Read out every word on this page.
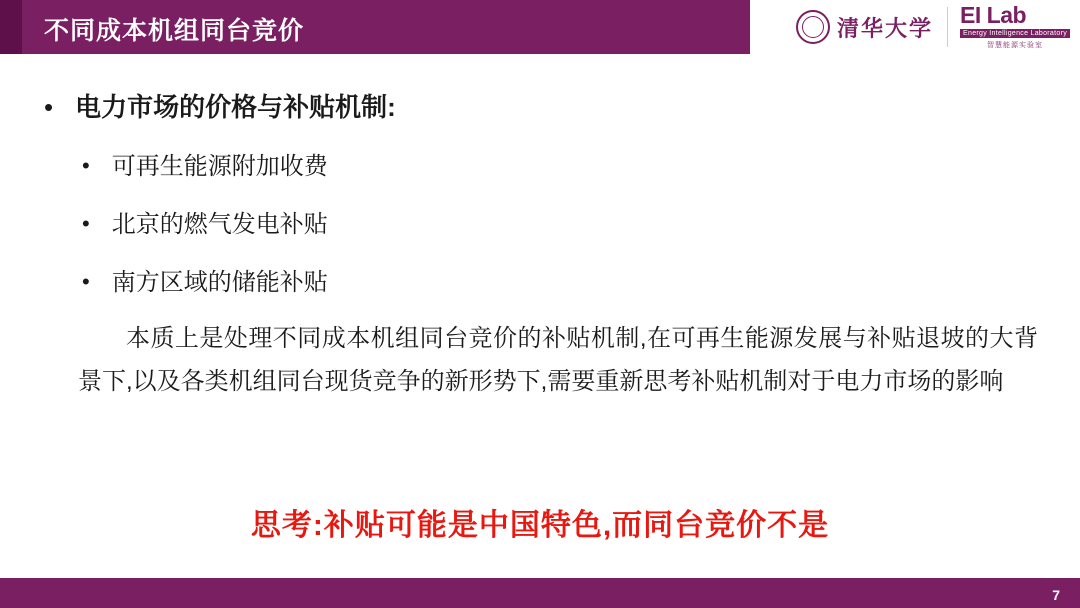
不同成本机组同台竞价	清华大学
EI Lab
Energy Intelligence Laboratory
智慧能源实验室
• 电力市场的价格与补贴机制:
• 可再生能源附加收费
• 北京的燃气发电补贴
• 南方区域的储能补贴
本质上是处理不同成本机组同台竞价的补贴机制,在可再生能源发展与补贴退坡的大背景下,以及各类机组同台现货竞争的新形势下,需要重新思考补贴机制对于电力市场的影响
思考:补贴可能是中国特色,而同台竞价不是
7
